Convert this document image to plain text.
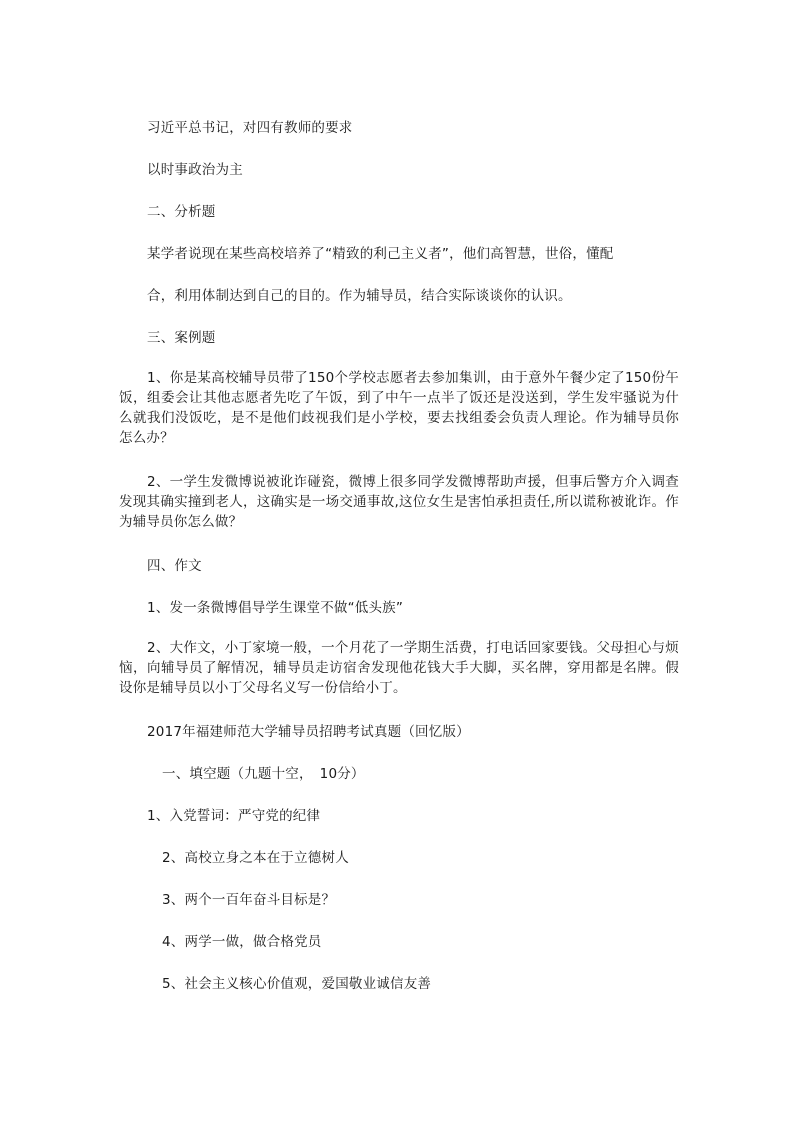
习近平总书记，对四有教师的要求
以时事政治为主
二、分析题
某学者说现在某些高校培养了“精致的利己主义者”，他们高智慧，世俗，懂配
合，利用体制达到自己的目的。作为辅导员，结合实际谈谈你的认识。
三、案例题
1、你是某高校辅导员带了150个学校志愿者去参加集训，由于意外午餐少定了150份午饭，组委会让其他志愿者先吃了午饭，到了中午一点半了饭还是没送到，学生发牢骚说为什么就我们没饭吃，是不是他们歧视我们是小学校，要去找组委会负责人理论。作为辅导员你怎么办？
2、一学生发微博说被讹诈碰瓷，微博上很多同学发微博帮助声援，但事后警方介入调查发现其确实撞到老人，这确实是一场交通事故,这位女生是害怕承担责任,所以谎称被讹诈。作为辅导员你怎么做？
四、作文
1、发一条微博倡导学生课堂不做“低头族”
2、大作文，小丁家境一般，一个月花了一学期生活费，打电话回家要钱。父母担心与烦恼，向辅导员了解情况，辅导员走访宿舍发现他花钱大手大脚，买名牌，穿用都是名牌。假设你是辅导员以小丁父母名义写一份信给小丁。
2017年福建师范大学辅导员招聘考试真题（回忆版）
一、填空题（九题十空，　10分）
1、入党誓词：严守党的纪律
2、高校立身之本在于立德树人
3、两个一百年奋斗目标是？
4、两学一做，做合格党员
5、社会主义核心价值观，爱国敬业诚信友善
